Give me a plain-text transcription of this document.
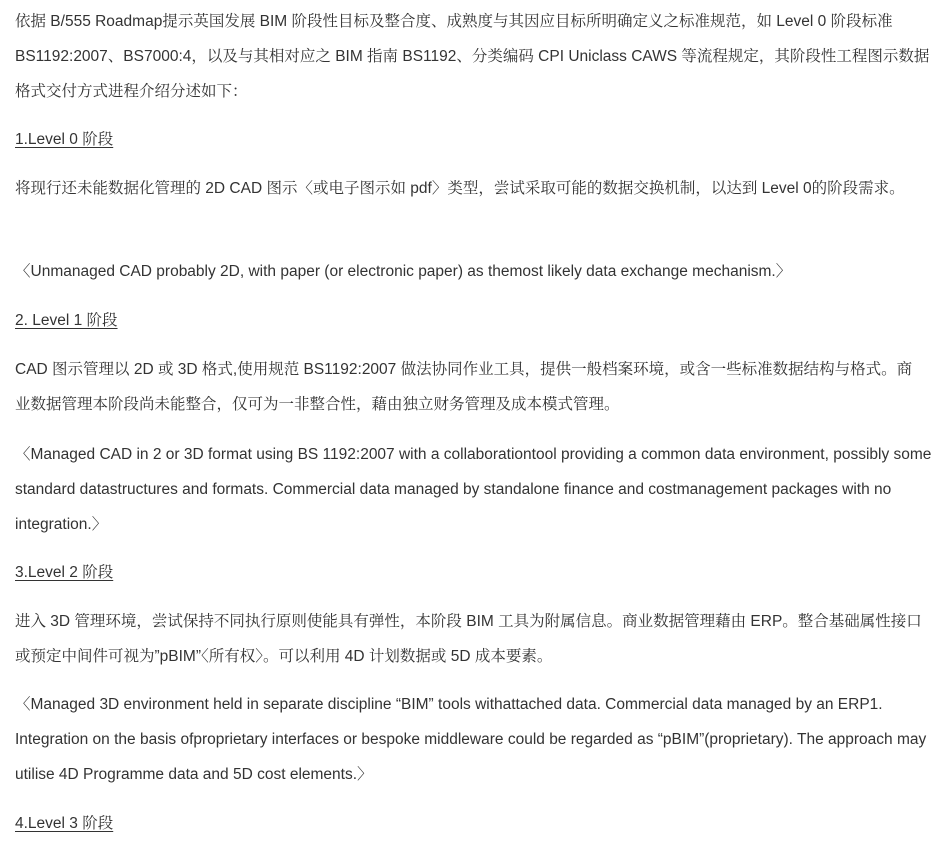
依据 B/555 Roadmap提示英国发展 BIM 阶段性目标及整合度、成熟度与其因应目标所明确定义之标准规范，如 Level 0 阶段标准 BS1192:2007、BS7000:4，以及与其相对应之 BIM 指南 BS1192、分类编码 CPI Uniclass CAWS 等流程规定，其阶段性工程图示数据格式交付方式进程介绍分述如下：

1.Level 0 阶段

将现行还未能数据化管理的 2D CAD 图示〈或电子图示如 pdf〉类型，尝试采取可能的数据交换机制，以达到 Level 0的阶段需求。

〈Unmanaged CAD probably 2D, with paper (or electronic paper) as themost likely data exchange mechanism.〉

2. Level 1 阶段

CAD 图示管理以 2D 或 3D 格式,使用规范 BS1192:2007 做法协同作业工具，提供一般档案环境，或含一些标准数据结构与格式。商业数据管理本阶段尚未能整合，仅可为一非整合性，藉由独立财务管理及成本模式管理。

〈Managed CAD in 2 or 3D format using BS 1192:2007 with a collaborationtool providing a common data environment, possibly some standard datastructures and formats. Commercial data managed by standalone finance and costmanagement packages with no integration.〉

3.Level 2 阶段

进入 3D 管理环境，尝试保持不同执行原则使能具有弹性，本阶段 BIM 工具为附属信息。商业数据管理藉由 ERP。整合基础属性接口或预定中间件可视为”pBIM”〈所有权〉。可以利用 4D 计划数据或 5D 成本要素。

〈Managed 3D environment held in separate discipline “BIM” tools withattached data. Commercial data managed by an ERP1. Integration on the basis ofproprietary interfaces or bespoke middleware could be regarded as “pBIM”(proprietary). The approach may utilise 4D Programme data and 5D cost elements.〉

4.Level 3 阶段
